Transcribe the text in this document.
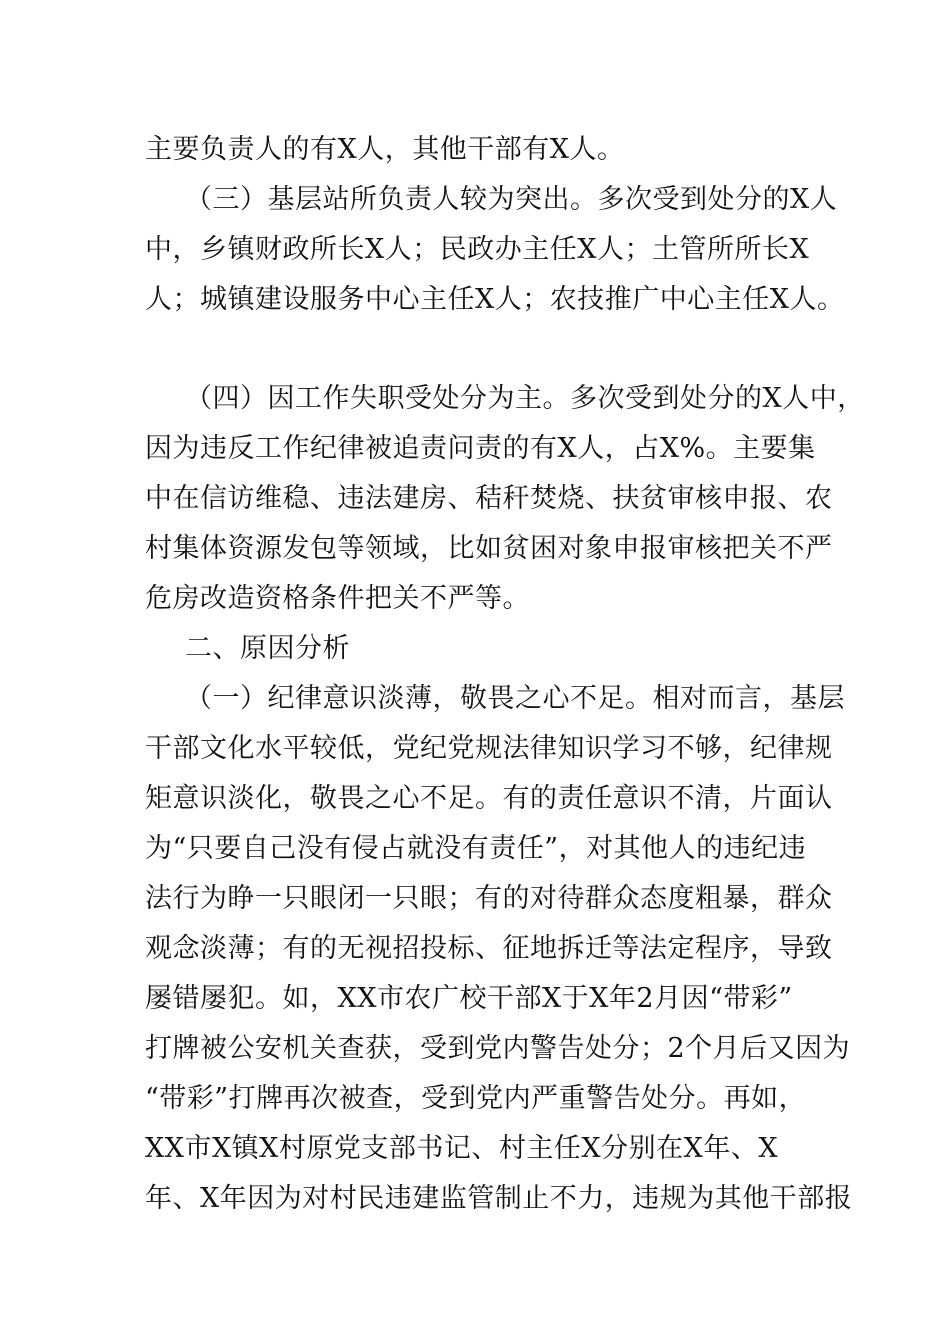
主要负责人的有X人，其他干部有X人。
（三）基层站所负责人较为突出。多次受到处分的X人
中，乡镇财政所长X人；民政办主任X人；土管所所长X
人；城镇建设服务中心主任X人；农技推广中心主任X人。
（四）因工作失职受处分为主。多次受到处分的X人中，
因为违反工作纪律被追责问责的有X人，占X%。主要集
中在信访维稳、违法建房、秸秆焚烧、扶贫审核申报、农
村集体资源发包等领域，比如贫困对象申报审核把关不严
危房改造资格条件把关不严等。
二、原因分析
（一）纪律意识淡薄，敬畏之心不足。相对而言，基层
干部文化水平较低，党纪党规法律知识学习不够，纪律规
矩意识淡化，敬畏之心不足。有的责任意识不清，片面认
为“只要自己没有侵占就没有责任”，对其他人的违纪违
法行为睁一只眼闭一只眼；有的对待群众态度粗暴，群众
观念淡薄；有的无视招投标、征地拆迁等法定程序，导致
屡错屡犯。如，XX市农广校干部X于X年2月因“带彩”
打牌被公安机关查获，受到党内警告处分；2个月后又因为
“带彩”打牌再次被查，受到党内严重警告处分。再如，
XX市X镇X村原党支部书记、村主任X分别在X年、X
年、X年因为对村民违建监管制止不力，违规为其他干部报
